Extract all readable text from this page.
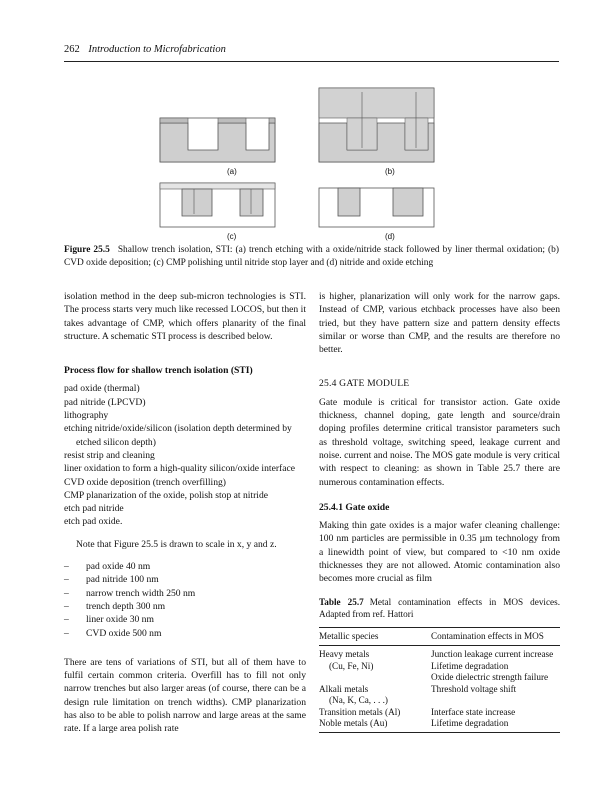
262 Introduction to Microfabrication
(a)	(b)
(c)	(d)
Figure 25.5 Shallow trench isolation, STI: (a) trench etching with a oxide/nitride stack followed by liner thermal oxidation; (b) CVD oxide deposition; (c) CMP polishing until nitride stop layer and (d) nitride and oxide etching

isolation method in the deep sub-micron technologies is STI. The process starts very much like recessed LOCOS, but then it takes advantage of CMP, which offers planarity of the final structure. A schematic STI process is described below.

Process flow for shallow trench isolation (STI)

pad oxide (thermal)
pad nitride (LPCVD)
lithography
etching nitride/oxide/silicon (isolation depth determined by etched silicon depth)
resist strip and cleaning
liner oxidation to form a high-quality silicon/oxide interface
CVD oxide deposition (trench overfilling)
CMP planarization of the oxide, polish stop at nitride
etch pad nitride
etch pad oxide.

Note that Figure 25.5 is drawn to scale in x, y and z.

– pad oxide 40 nm
– pad nitride 100 nm
– narrow trench width 250 nm
– trench depth 300 nm
– liner oxide 30 nm
– CVD oxide 500 nm

There are tens of variations of STI, but all of them have to fulfil certain common criteria. Overfill has to fill not only narrow trenches but also larger areas (of course, there can be a design rule limitation on trench widths). CMP planarization has also to be able to polish narrow and large areas at the same rate. If a large area polish rate

is higher, planarization will only work for the narrow gaps. Instead of CMP, various etchback processes have also been tried, but they have pattern size and pattern density effects similar or worse than CMP, and the results are therefore no better.

25.4 GATE MODULE

Gate module is critical for transistor action. Gate oxide thickness, channel doping, gate length and source/drain doping profiles determine critical transistor parameters such as threshold voltage, switching speed, leakage current and noise. current and noise. The MOS gate module is very critical with respect to cleaning: as shown in Table 25.7 there are numerous contamination effects.

25.4.1 Gate oxide

Making thin gate oxides is a major wafer cleaning challenge: 100 nm particles are permissible in 0.35 µm technology from a linewidth point of view, but compared to <10 nm oxide thicknesses they are not allowed. Atomic contamination also becomes more crucial as film

Table 25.7 Metal contamination effects in MOS devices. Adapted from ref. Hattori

Metallic species	Contamination effects in MOS

Heavy metals
(Cu, Fe, Ni)	Junction leakage current increase
Lifetime degradation
Oxide dielectric strength failure
Alkali metals
(Na, K, Ca, . . .)	Threshold voltage shift
Transition metals (Al)	Interface state increase
Noble metals (Au)	Lifetime degradation
